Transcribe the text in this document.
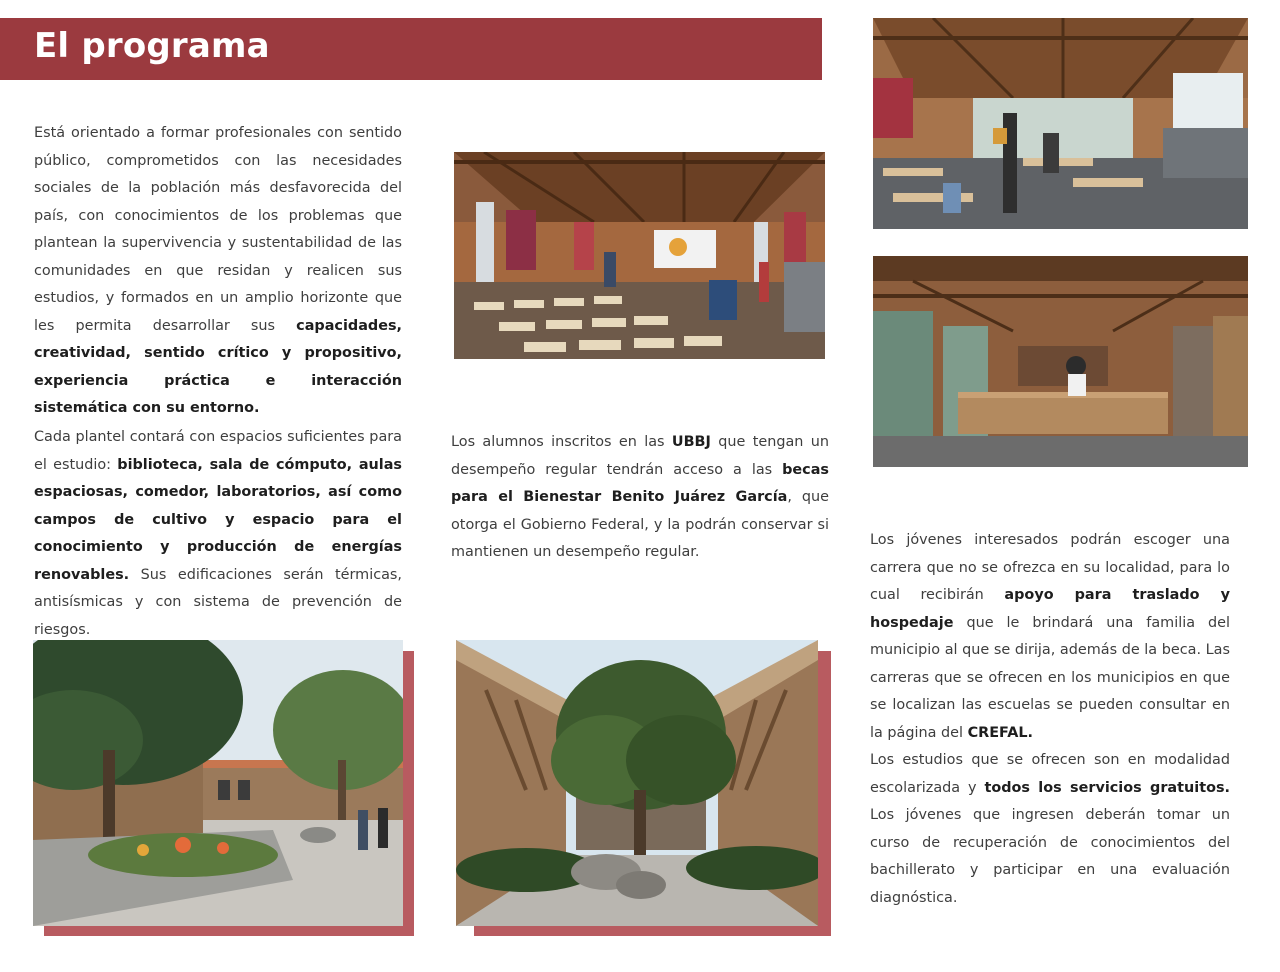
El programa

Está orientado a formar profesionales con sentido público, comprometidos con las necesidades sociales de la población más desfavorecida del país, con conocimientos de los problemas que plantean la supervivencia y sustentabilidad de las comunidades en que residan y realicen sus estudios, y formados en un amplio horizonte que les permita desarrollar sus capacidades, creatividad, sentido crítico y propositivo, experiencia práctica e interacción sistemática con su entorno.

Cada plantel contará con espacios suficientes para el estudio: biblioteca, sala de cómputo, aulas espaciosas, comedor, laboratorios, así como campos de cultivo y espacio para el conocimiento y producción de energías renovables. Sus edificaciones serán térmicas, antisísmicas y con sistema de prevención de riesgos.

Los alumnos inscritos en las UBBJ que tengan un desempeño regular tendrán acceso a las becas para el Bienestar Benito Juárez García, que otorga el Gobierno Federal, y la podrán conservar si mantienen un desempeño regular.

Los jóvenes interesados podrán escoger una carrera que no se ofrezca en su localidad, para lo cual recibirán apoyo para traslado y hospedaje que le brindará una familia del municipio al que se dirija, además de la beca. Las carreras que se ofrecen en los municipios en que se localizan las escuelas se pueden consultar en la página del CREFAL.

Los estudios que se ofrecen son en modalidad escolarizada y todos los servicios gratuitos. Los jóvenes que ingresen deberán tomar un curso de recuperación de conocimientos del bachillerato y participar en una evaluación diagnóstica.
